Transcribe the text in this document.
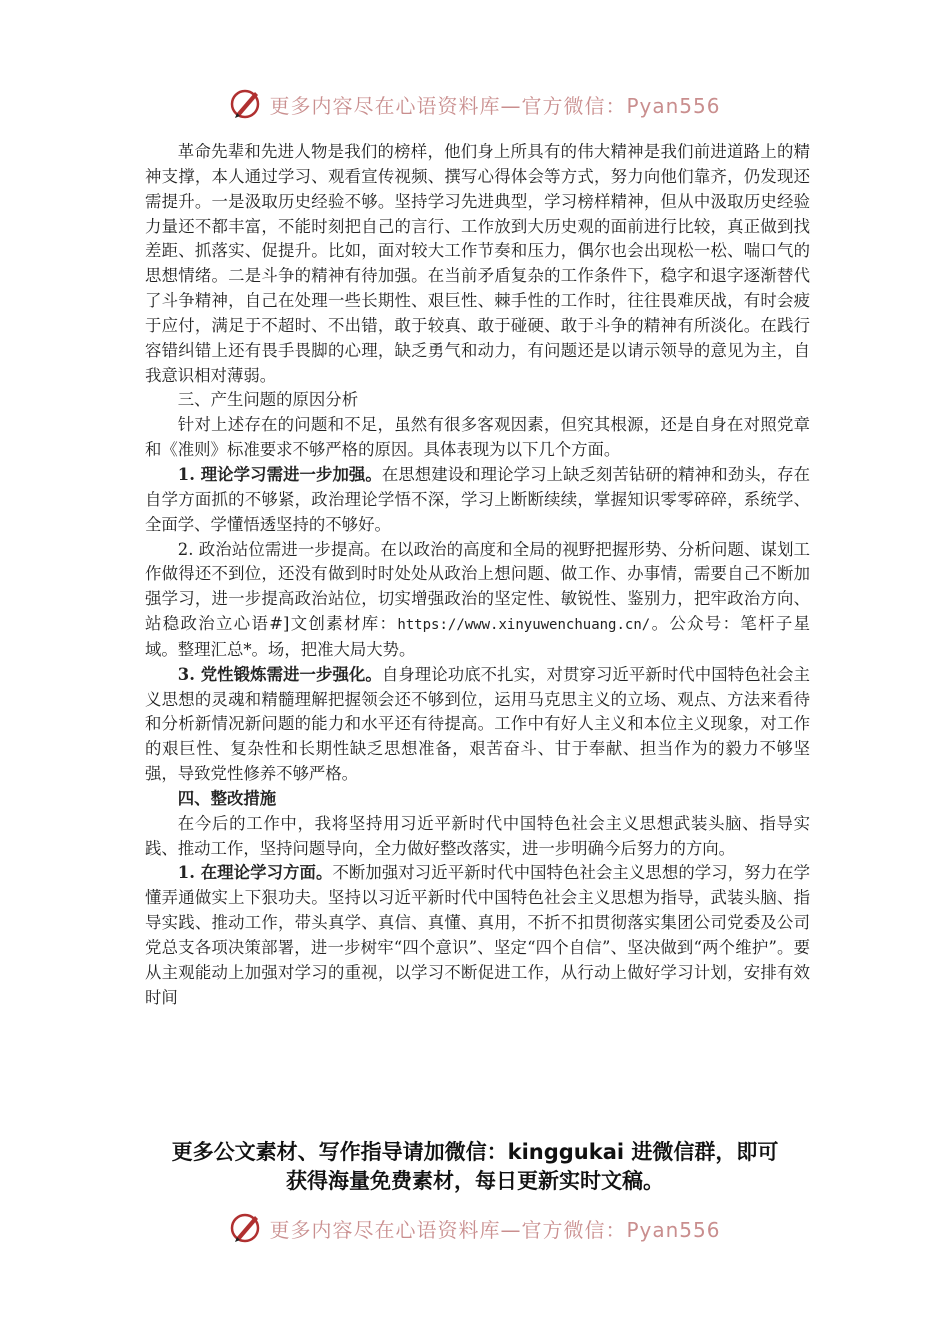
更多内容尽在心语资料库—官方微信：Pyan556

革命先辈和先进人物是我们的榜样，他们身上所具有的伟大精神是我们前进道路上的精神支撑，本人通过学习、观看宣传视频、撰写心得体会等方式，努力向他们靠齐，仍发现还需提升。一是汲取历史经验不够。坚持学习先进典型，学习榜样精神，但从中汲取历史经验力量还不都丰富，不能时刻把自己的言行、工作放到大历史观的面前进行比较，真正做到找差距、抓落实、促提升。比如，面对较大工作节奏和压力，偶尔也会出现松一松、喘口气的思想情绪。二是斗争的精神有待加强。在当前矛盾复杂的工作条件下，稳字和退字逐渐替代了斗争精神，自己在处理一些长期性、艰巨性、棘手性的工作时，往往畏难厌战，有时会疲于应付，满足于不超时、不出错，敢于较真、敢于碰硬、敢于斗争的精神有所淡化。在践行容错纠错上还有畏手畏脚的心理，缺乏勇气和动力，有问题还是以请示领导的意见为主，自我意识相对薄弱。

三、产生问题的原因分析

针对上述存在的问题和不足，虽然有很多客观因素，但究其根源，还是自身在对照党章和《准则》标准要求不够严格的原因。具体表现为以下几个方面。

1. 理论学习需进一步加强。在思想建设和理论学习上缺乏刻苦钻研的精神和劲头，存在自学方面抓的不够紧，政治理论学悟不深，学习上断断续续，掌握知识零零碎碎，系统学、全面学、学懂悟透坚持的不够好。

2. 政治站位需进一步提高。在以政治的高度和全局的视野把握形势、分析问题、谋划工作做得还不到位，还没有做到时时处处从政治上想问题、做工作、办事情，需要自己不断加强学习，进一步提高政治站位，切实增强政治的坚定性、敏锐性、鉴别力，把牢政治方向、站稳政治立心语#]文创素材库：https://www.xinyuwenchuang.cn/。公众号：笔杆子星域。整理汇总*。场，把准大局大势。

3. 党性锻炼需进一步强化。自身理论功底不扎实，对贯穿习近平新时代中国特色社会主义思想的灵魂和精髓理解把握领会还不够到位，运用马克思主义的立场、观点、方法来看待和分析新情况新问题的能力和水平还有待提高。工作中有好人主义和本位主义现象，对工作的艰巨性、复杂性和长期性缺乏思想准备，艰苦奋斗、甘于奉献、担当作为的毅力不够坚强，导致党性修养不够严格。

四、整改措施

在今后的工作中，我将坚持用习近平新时代中国特色社会主义思想武装头脑、指导实践、推动工作，坚持问题导向，全力做好整改落实，进一步明确今后努力的方向。

1. 在理论学习方面。不断加强对习近平新时代中国特色社会主义思想的学习，努力在学懂弄通做实上下狠功夫。坚持以习近平新时代中国特色社会主义思想为指导，武装头脑、指导实践、推动工作，带头真学、真信、真懂、真用，不折不扣贯彻落实集团公司党委及公司党总支各项决策部署，进一步树牢“四个意识”、坚定“四个自信”、坚决做到“两个维护”。要从主观能动上加强对学习的重视，以学习不断促进工作，从行动上做好学习计划，安排有效时间

更多公文素材、写作指导请加微信：kinggukai 进微信群，即可
获得海量免费素材，每日更新实时文稿。
更多内容尽在心语资料库—官方微信：Pyan556
